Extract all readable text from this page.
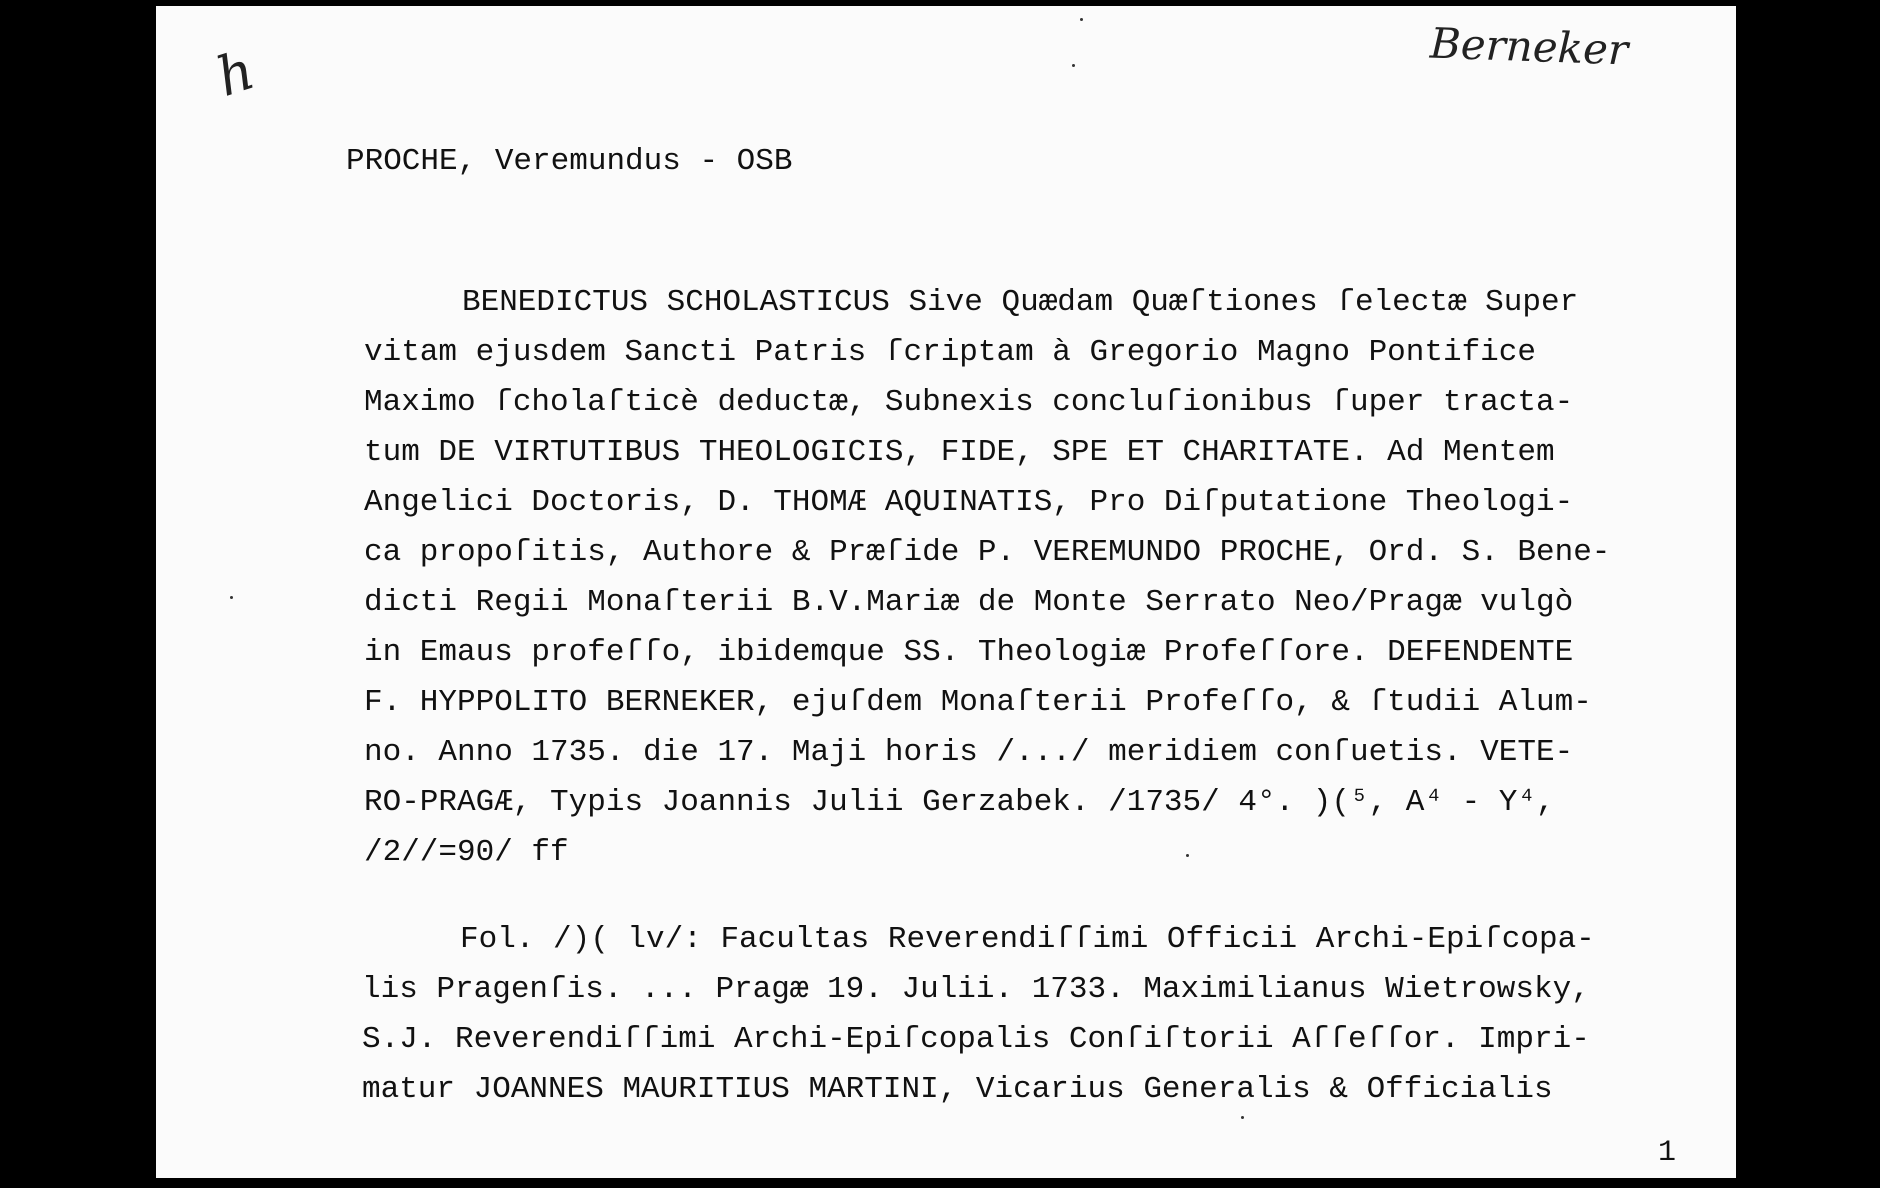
h	Berneker
PROCHE, Veremundus - OSB
BENEDICTUS SCHOLASTICUS Sive Quædam Quæſtiones ſelectæ Super
vitam ejusdem Sancti Patris ſcriptam à Gregorio Magno Pontifice
Maximo ſcholaſticè deductæ, Subnexis concluſionibus ſuper tracta-
tum DE VIRTUTIBUS THEOLOGICIS, FIDE, SPE ET CHARITATE. Ad Mentem
Angelici Doctoris, D. THOMÆ AQUINATIS, Pro Diſputatione Theologi-
ca propoſitis, Authore & Præſide P. VEREMUNDO PROCHE, Ord. S. Bene-
dicti Regii Monaſterii B.V.Mariæ de Monte Serrato Neo/Pragæ vulgò
in Emaus profeſſo, ibidemque SS. Theologiæ Profeſſore. DEFENDENTE
F. HYPPOLITO BERNEKER, ejuſdem Monaſterii Profeſſo, & ſtudii Alum-
no. Anno 1735. die 17. Maji horis /.../ meridiem conſuetis. VETE-
RO-PRAGÆ, Typis Joannis Julii Gerzabek. /1735/ 4°. )(⁵, A⁴ - Y⁴,
/2//=90/ ff
Fol. /)( lv/: Facultas Reverendiſſimi Officii Archi-Epiſcopa-
lis Pragenſis. ... Pragæ 19. Julii. 1733. Maximilianus Wietrowsky,
S.J. Reverendiſſimi Archi-Epiſcopalis Conſiſtorii Aſſeſſor. Impri-
matur JOANNES MAURITIUS MARTINI, Vicarius Generalis & Officialis
1
